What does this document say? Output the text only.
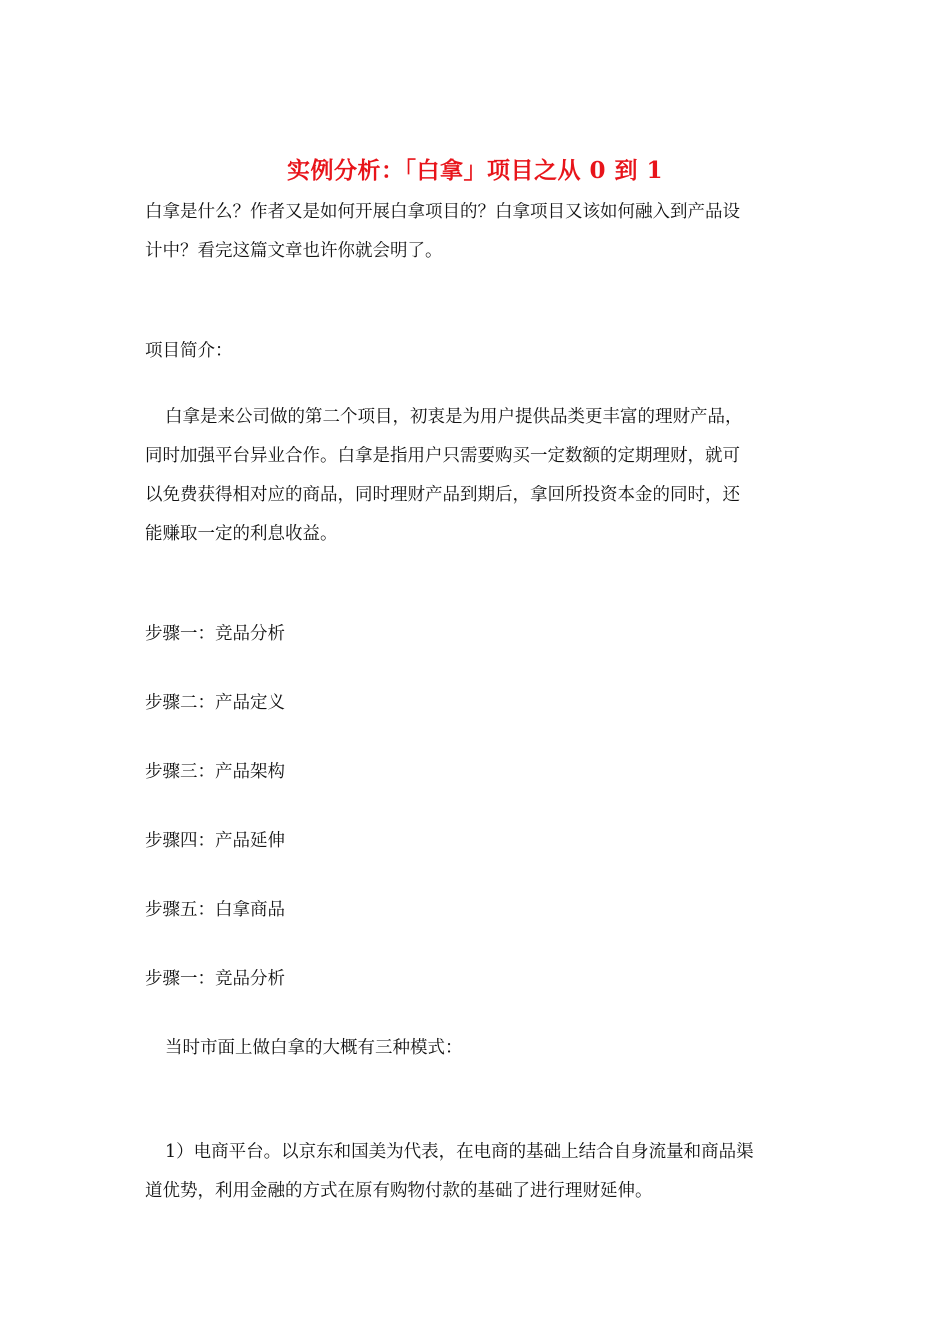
实例分析：「白拿」项目之从 0 到 1
白拿是什么？作者又是如何开展白拿项目的？白拿项目又该如何融入到产品设
计中？看完这篇文章也许你就会明了。
项目简介：
白拿是来公司做的第二个项目，初衷是为用户提供品类更丰富的理财产品，
同时加强平台异业合作。白拿是指用户只需要购买一定数额的定期理财，就可
以免费获得相对应的商品，同时理财产品到期后，拿回所投资本金的同时，还
能赚取一定的利息收益。
步骤一：竞品分析
步骤二：产品定义
步骤三：产品架构
步骤四：产品延伸
步骤五：白拿商品
步骤一：竞品分析
当时市面上做白拿的大概有三种模式：
1）电商平台。以京东和国美为代表，在电商的基础上结合自身流量和商品渠
道优势，利用金融的方式在原有购物付款的基础了进行理财延伸。
